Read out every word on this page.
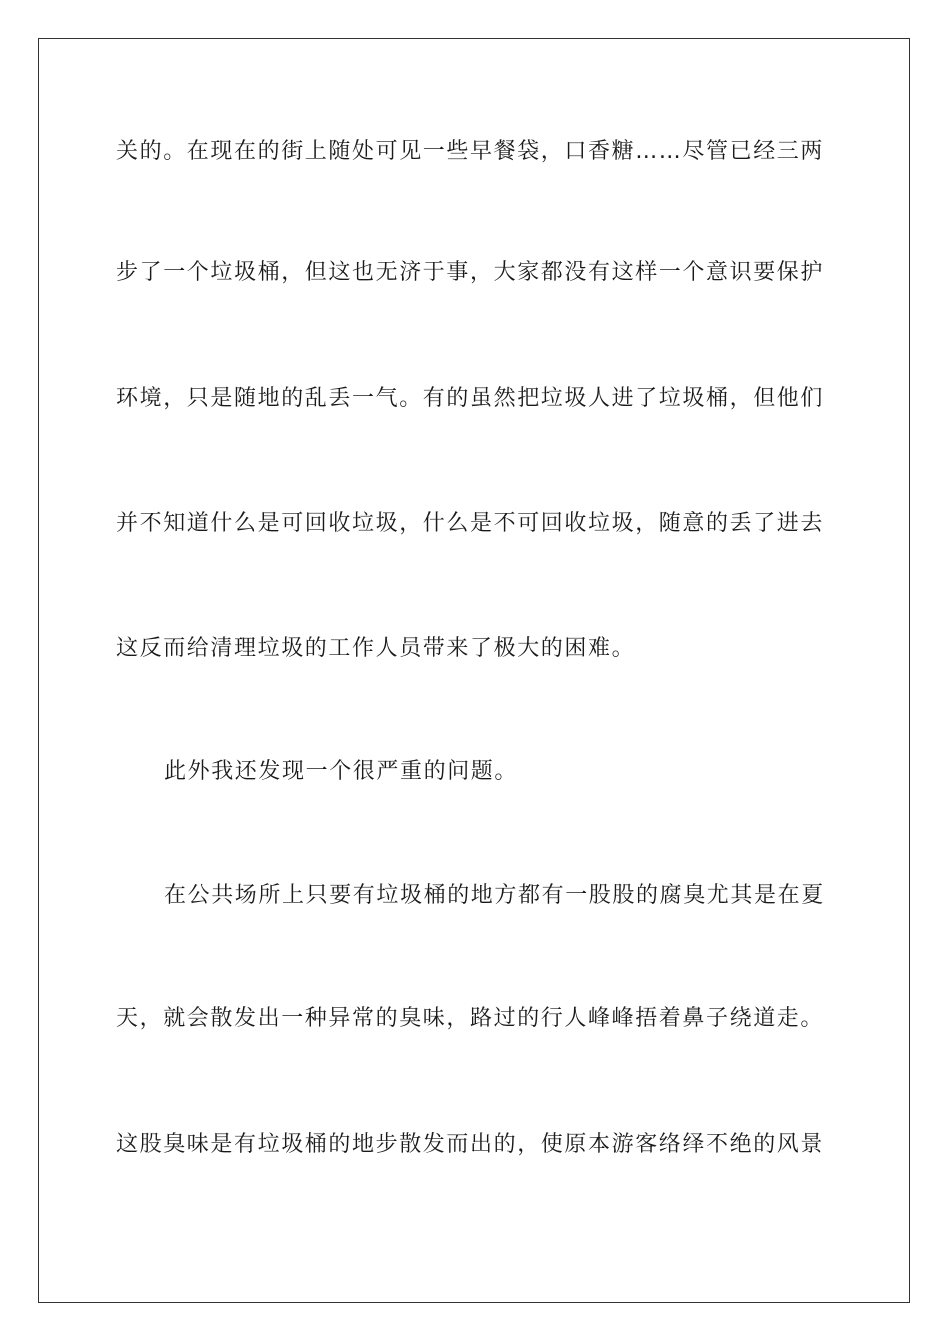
关的。在现在的街上随处可见一些早餐袋，口香糖……尽管已经三两
步了一个垃圾桶，但这也无济于事，大家都没有这样一个意识要保护
环境，只是随地的乱丢一气。有的虽然把垃圾人进了垃圾桶，但他们
并不知道什么是可回收垃圾，什么是不可回收垃圾，随意的丢了进去
这反而给清理垃圾的工作人员带来了极大的困难。
此外我还发现一个很严重的问题。
在公共场所上只要有垃圾桶的地方都有一股股的腐臭尤其是在夏
天，就会散发出一种异常的臭味，路过的行人峰峰捂着鼻子绕道走。
这股臭味是有垃圾桶的地步散发而出的，使原本游客络绎不绝的风景
